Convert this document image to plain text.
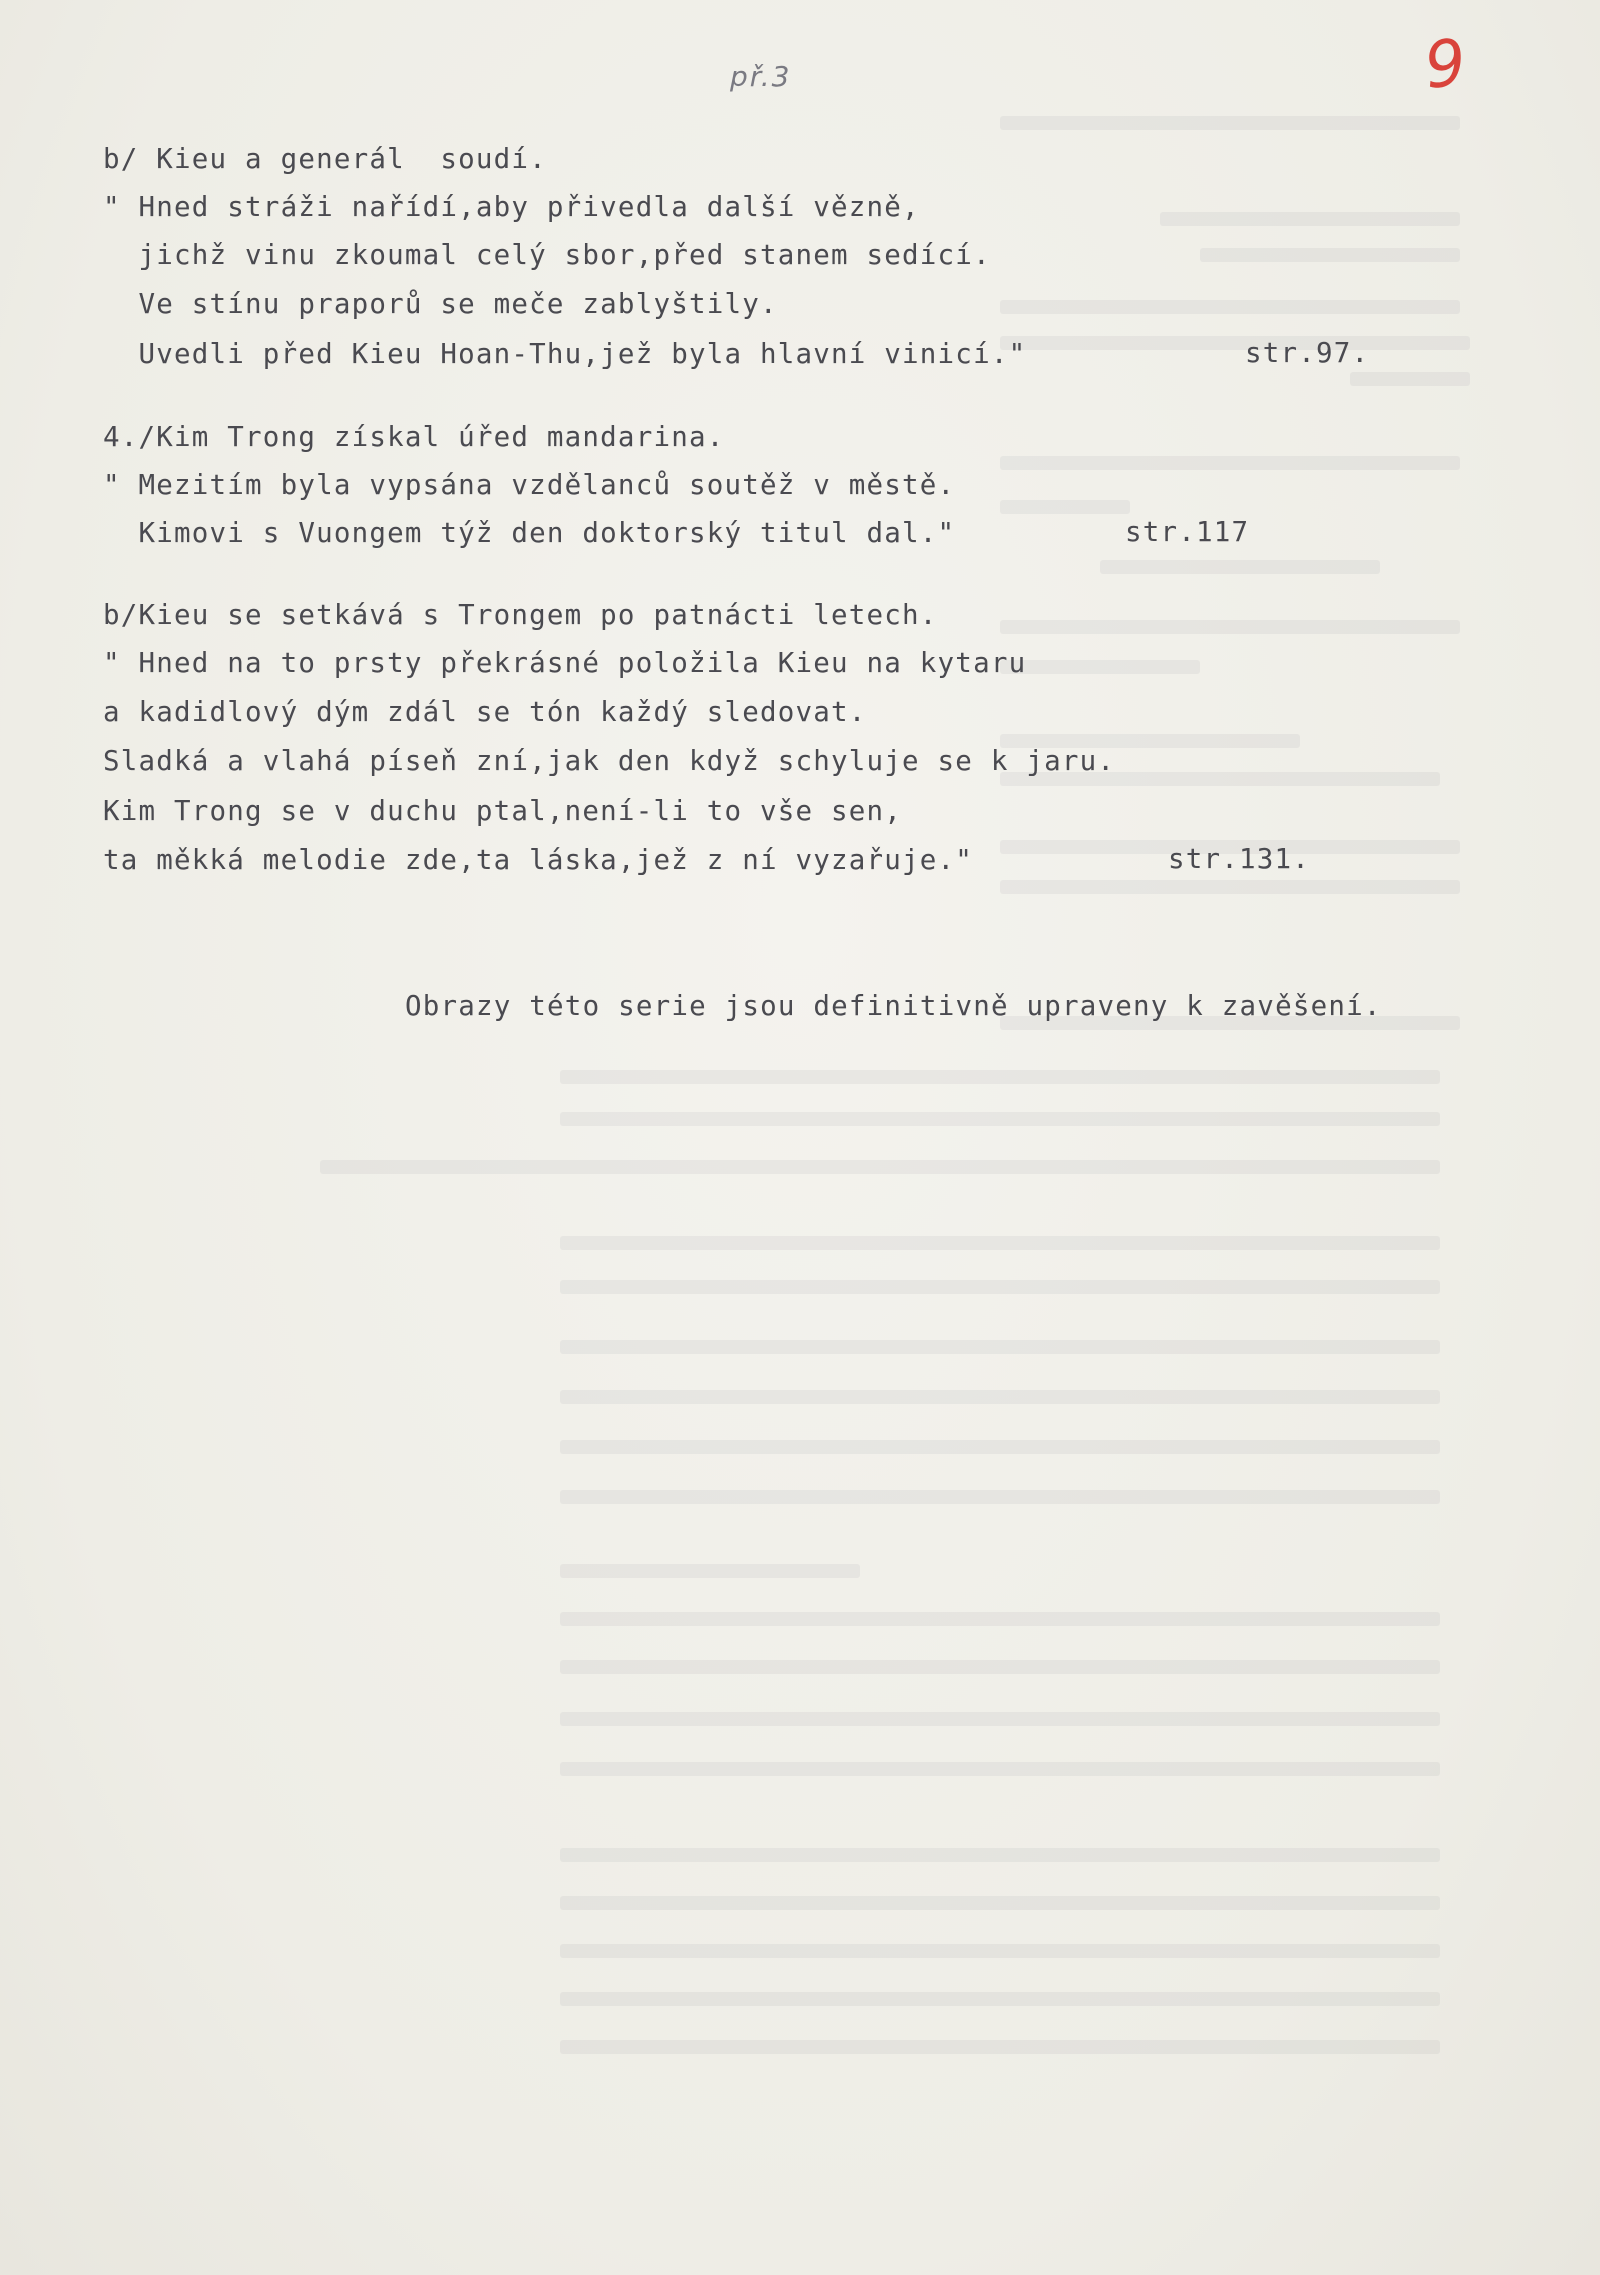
př.3	9
b/ Kieu a generál  soudí.
" Hned stráži nařídí,aby přivedla další vězně,
jichž vinu zkoumal celý sbor,před stanem sedící.
Ve stínu praporů se meče zablyštily.
Uvedli před Kieu Hoan-Thu,jež byla hlavní vinicí."	str.97.
4./Kim Trong získal úřed mandarina.
" Mezitím byla vypsána vzdělanců soutěž v městě.
Kimovi s Vuongem týž den doktorský titul dal."	str.117
b/Kieu se setkává s Trongem po patnácti letech.
" Hned na to prsty překrásné položila Kieu na kytaru
a kadidlový dým zdál se tón každý sledovat.
Sladká a vlahá píseň zní,jak den když schyluje se k jaru.
Kim Trong se v duchu ptal,není-li to vše sen,
ta měkká melodie zde,ta láska,jež z ní vyzařuje."	str.131.
Obrazy této serie jsou definitivně upraveny k zavěšení.
